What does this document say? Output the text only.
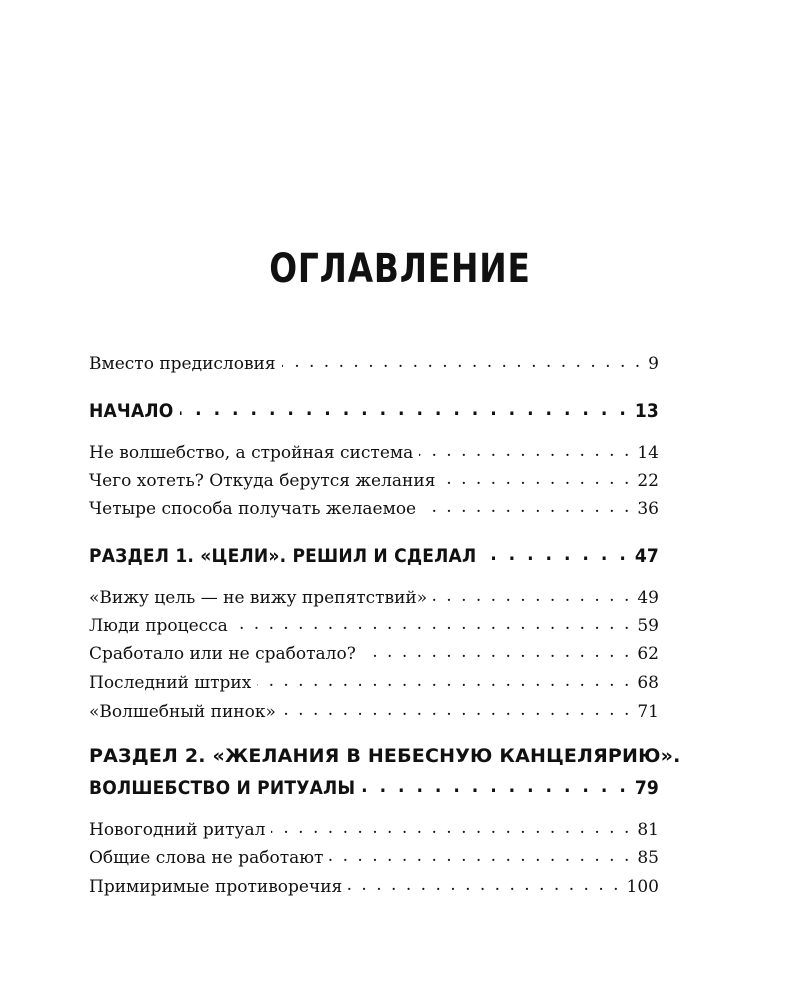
ОГЛАВЛЕНИЕ
Вместо предисловия . . .	9
НАЧАЛО . . .	13
Не волшебство, а стройная система . . .	14
Чего хотеть? Откуда берутся желания . . .	22
Четыре способа получать желаемое . . .	36
РАЗДЕЛ 1. «ЦЕЛИ». РЕШИЛ И СДЕЛАЛ . . .	47
«Вижу цель — не вижу препятствий» . . .	49
Люди процесса . . .	59
Сработало или не сработало? . . .	62
Последний штрих . . .	68
«Волшебный пинок» . . .	71
РАЗДЕЛ 2. «ЖЕЛАНИЯ В НЕБЕСНУЮ КАНЦЕЛЯРИЮ».
ВОЛШЕБСТВО И РИТУАЛЫ . . .	79
Новогодний ритуал . . .	81
Общие слова не работают . . .	85
Примиримые противоречия . . .	100
